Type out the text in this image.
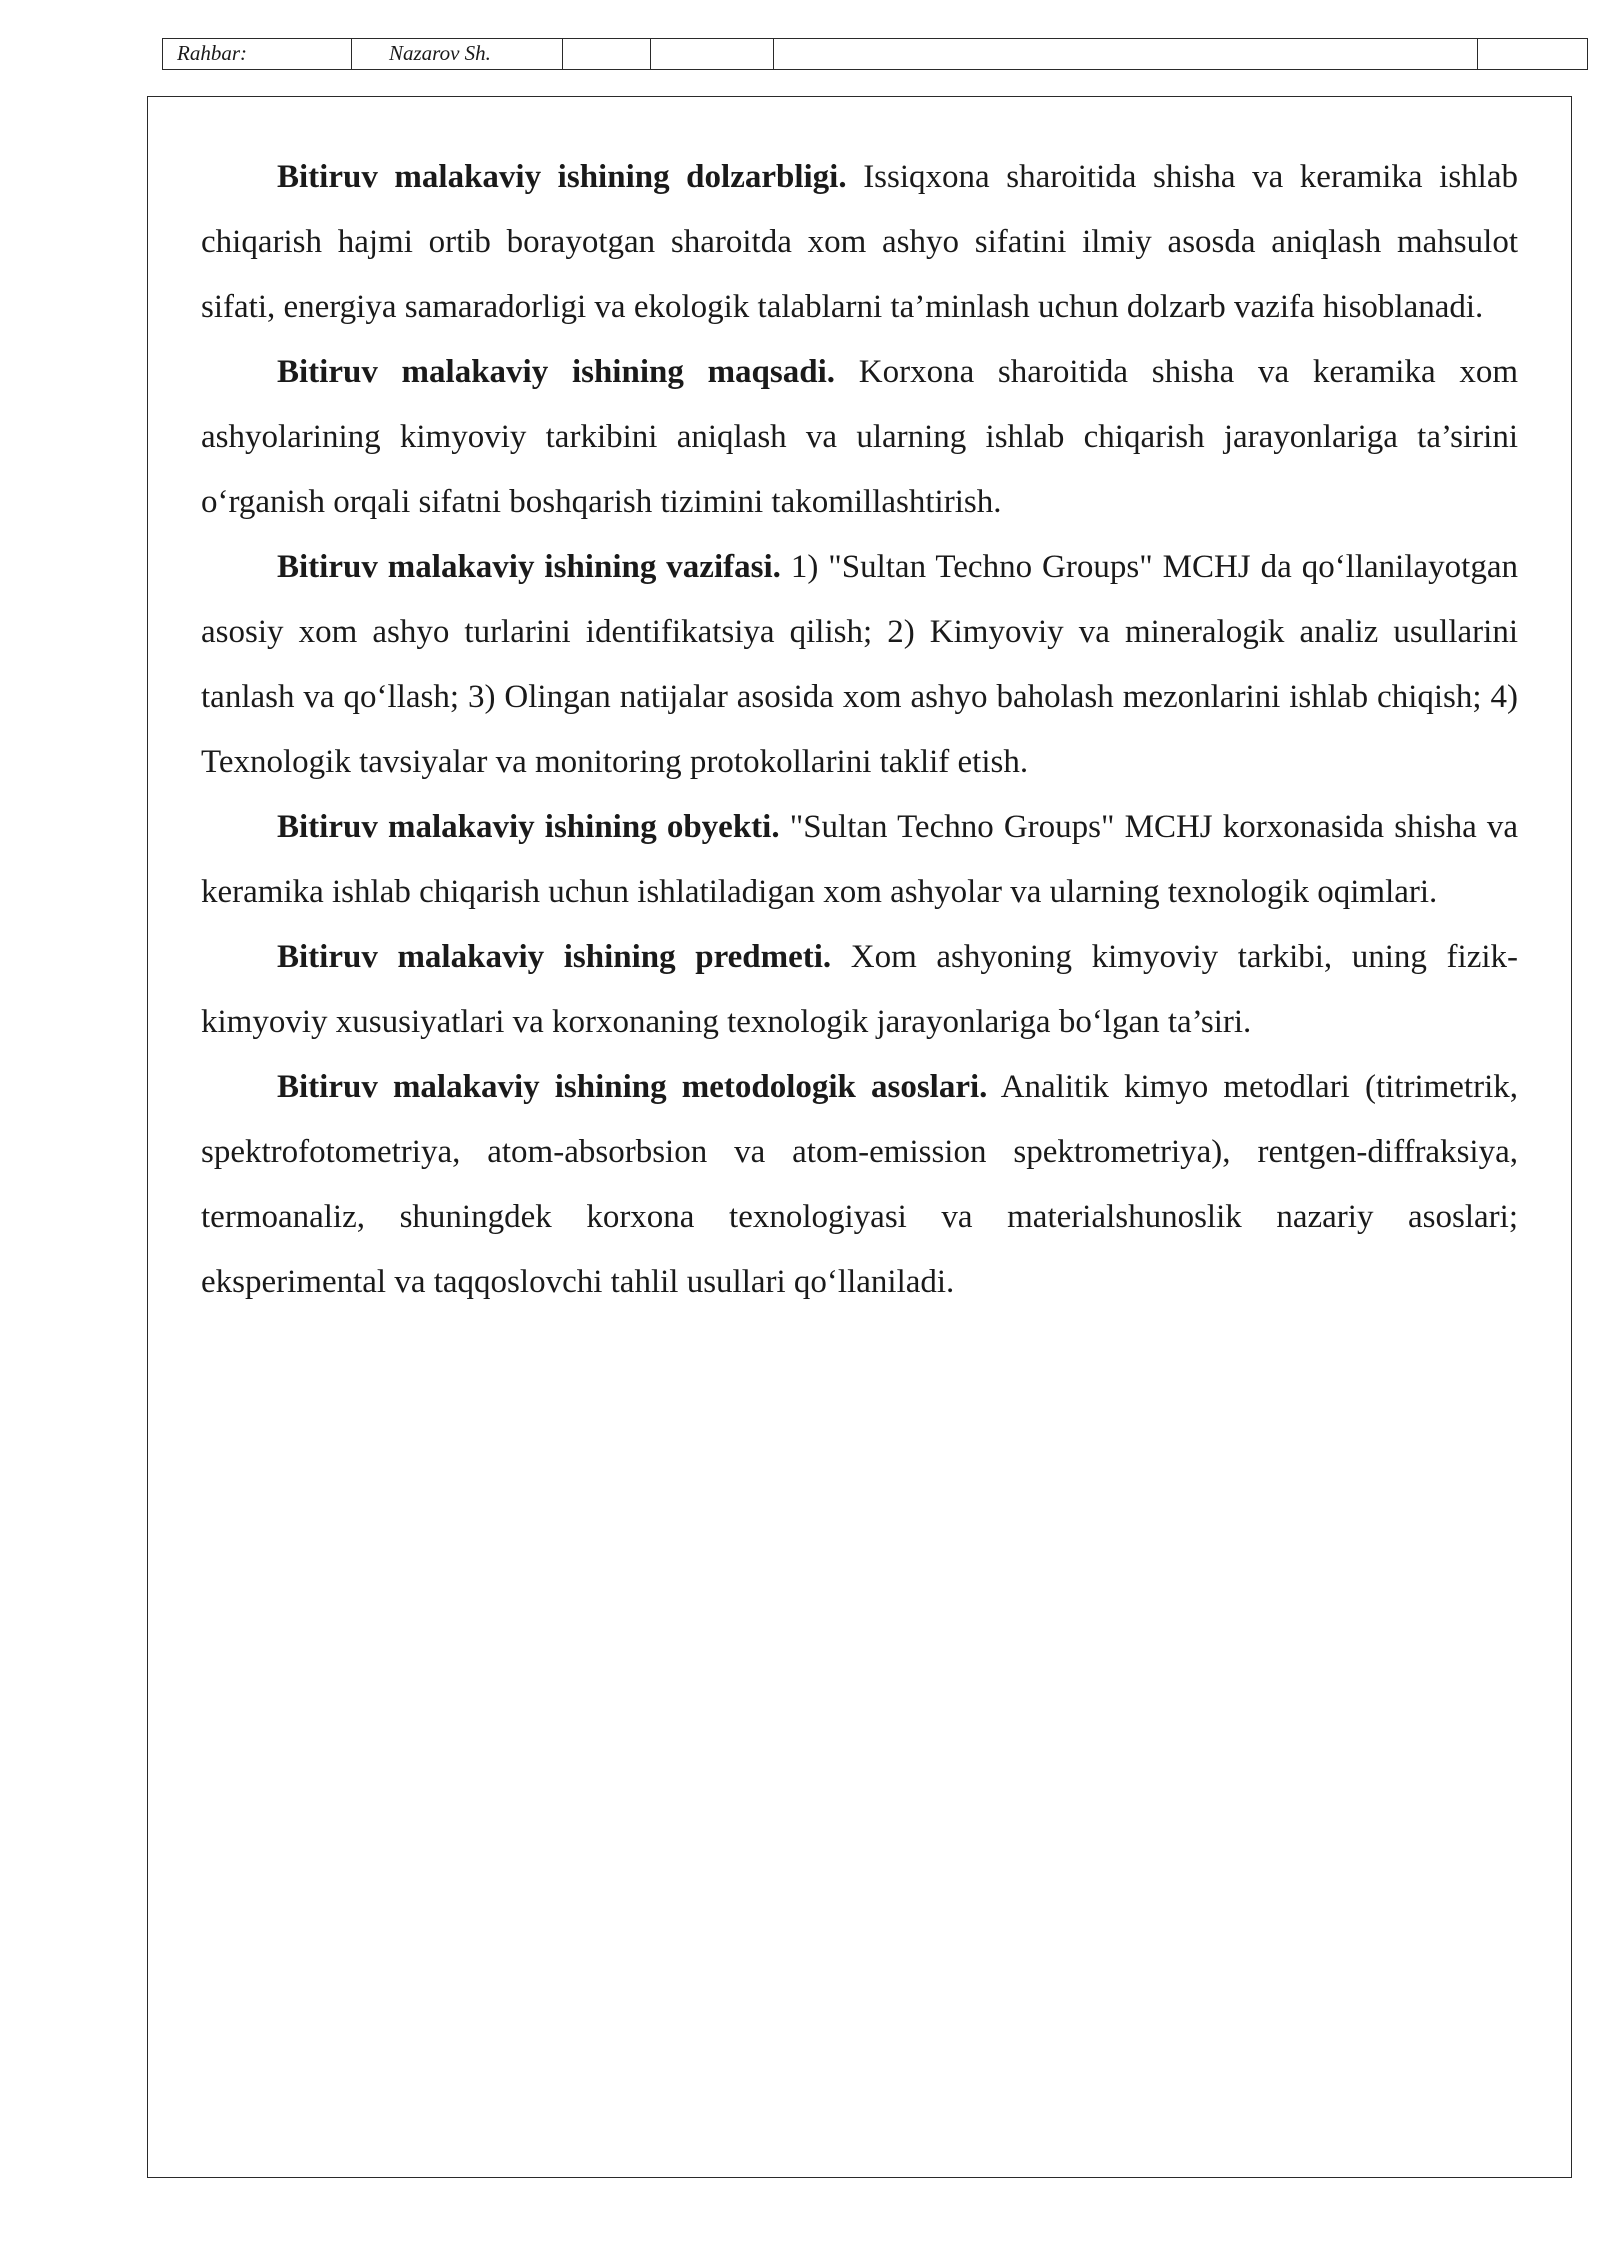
Rahbar:	Nazarov Sh.

Bitiruv malakaviy ishining dolzarbligi. Issiqxona sharoitida shisha va keramika ishlab chiqarish hajmi ortib borayotgan sharoitda xom ashyo sifatini ilmiy asosda aniqlash mahsulot sifati, energiya samaradorligi va ekologik talablarni ta’minlash uchun dolzarb vazifa hisoblanadi.

Bitiruv malakaviy ishining maqsadi. Korxona sharoitida shisha va keramika xom ashyolarining kimyoviy tarkibini aniqlash va ularning ishlab chiqarish jarayonlariga ta’sirini o‘rganish orqali sifatni boshqarish tizimini takomillashtirish.

Bitiruv malakaviy ishining vazifasi. 1) "Sultan Techno Groups" MCHJ da qo‘llanilayotgan asosiy xom ashyo turlarini identifikatsiya qilish; 2) Kimyoviy va mineralogik analiz usullarini tanlash va qo‘llash; 3) Olingan natijalar asosida xom ashyo baholash mezonlarini ishlab chiqish; 4) Texnologik tavsiyalar va monitoring protokollarini taklif etish.

Bitiruv malakaviy ishining obyekti. "Sultan Techno Groups" MCHJ korxonasida shisha va keramika ishlab chiqarish uchun ishlatiladigan xom ashyolar va ularning texnologik oqimlari.

Bitiruv malakaviy ishining predmeti. Xom ashyoning kimyoviy tarkibi, uning fizik-kimyoviy xususiyatlari va korxonaning texnologik jarayonlariga bo‘lgan ta’siri.

Bitiruv malakaviy ishining metodologik asoslari. Analitik kimyo metodlari (titrimetrik, spektrofotometriya, atom-absorbsion va atom-emission spektrometriya), rentgen-diffraksiya, termoanaliz, shuningdek korxona texnologiyasi va materialshunoslik nazariy asoslari; eksperimental va taqqoslovchi tahlil usullari qo‘llaniladi.
